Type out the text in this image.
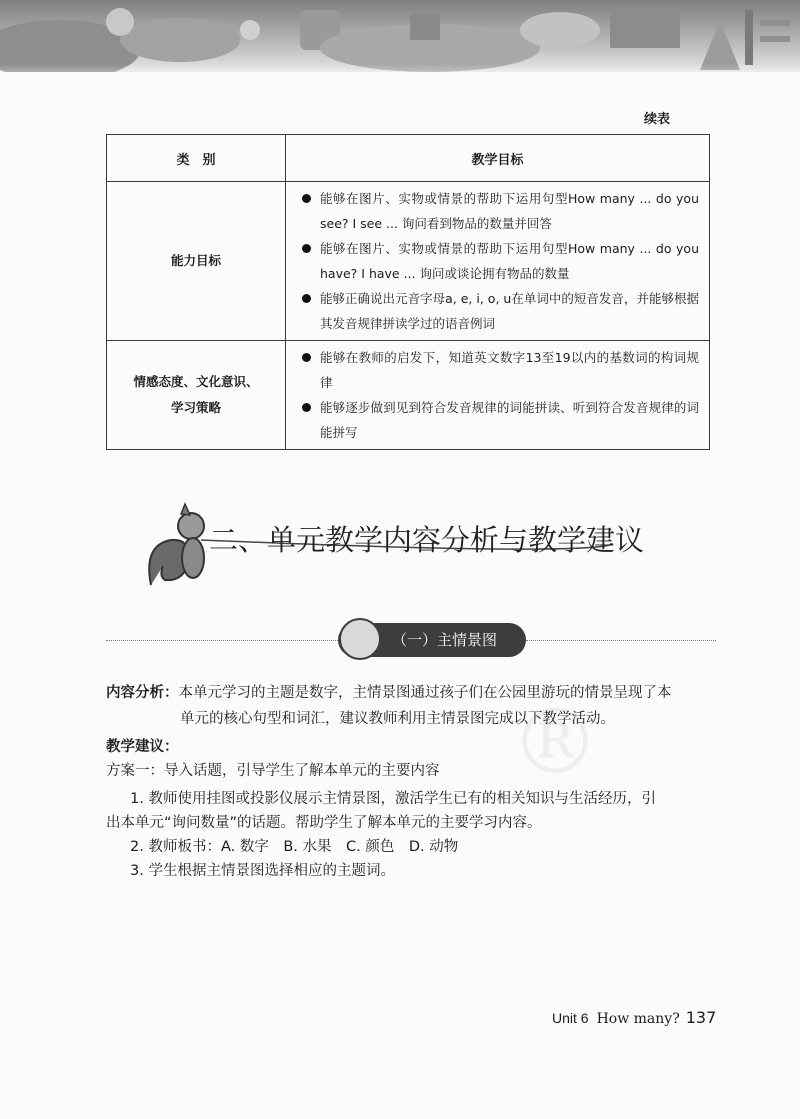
续表
类　别	教学目标
能力目标	能够在图片、实物或情景的帮助下运用句型How many ... do you see? I see ... 询问看到物品的数量并回答
能够在图片、实物或情景的帮助下运用句型How many ... do you have? I have ... 询问或谈论拥有物品的数量
能够正确说出元音字母a, e, i, o, u在单词中的短音发音，并能够根据其发音规律拼读学过的语音例词

情感态度、文化意识、学习策略	能够在教师的启发下，知道英文数字13至19以内的基数词的构词规律
能够逐步做到见到符合发音规律的词能拼读、听到符合发音规律的词能拼写
二、单元教学内容分析与教学建议
（一）主情景图
®
内容分析：本单元学习的主题是数字，主情景图通过孩子们在公园里游玩的情景呈现了本
单元的核心句型和词汇，建议教师利用主情景图完成以下教学活动。
教学建议：
方案一：导入话题，引导学生了解本单元的主要内容
1. 教师使用挂图或投影仪展示主情景图，激活学生已有的相关知识与生活经历，引
出本单元“询问数量”的话题。帮助学生了解本单元的主要学习内容。
2. 教师板书：A. 数字　B. 水果　C. 颜色　D. 动物
3. 学生根据主情景图选择相应的主题词。
Unit 6 How many? 137
